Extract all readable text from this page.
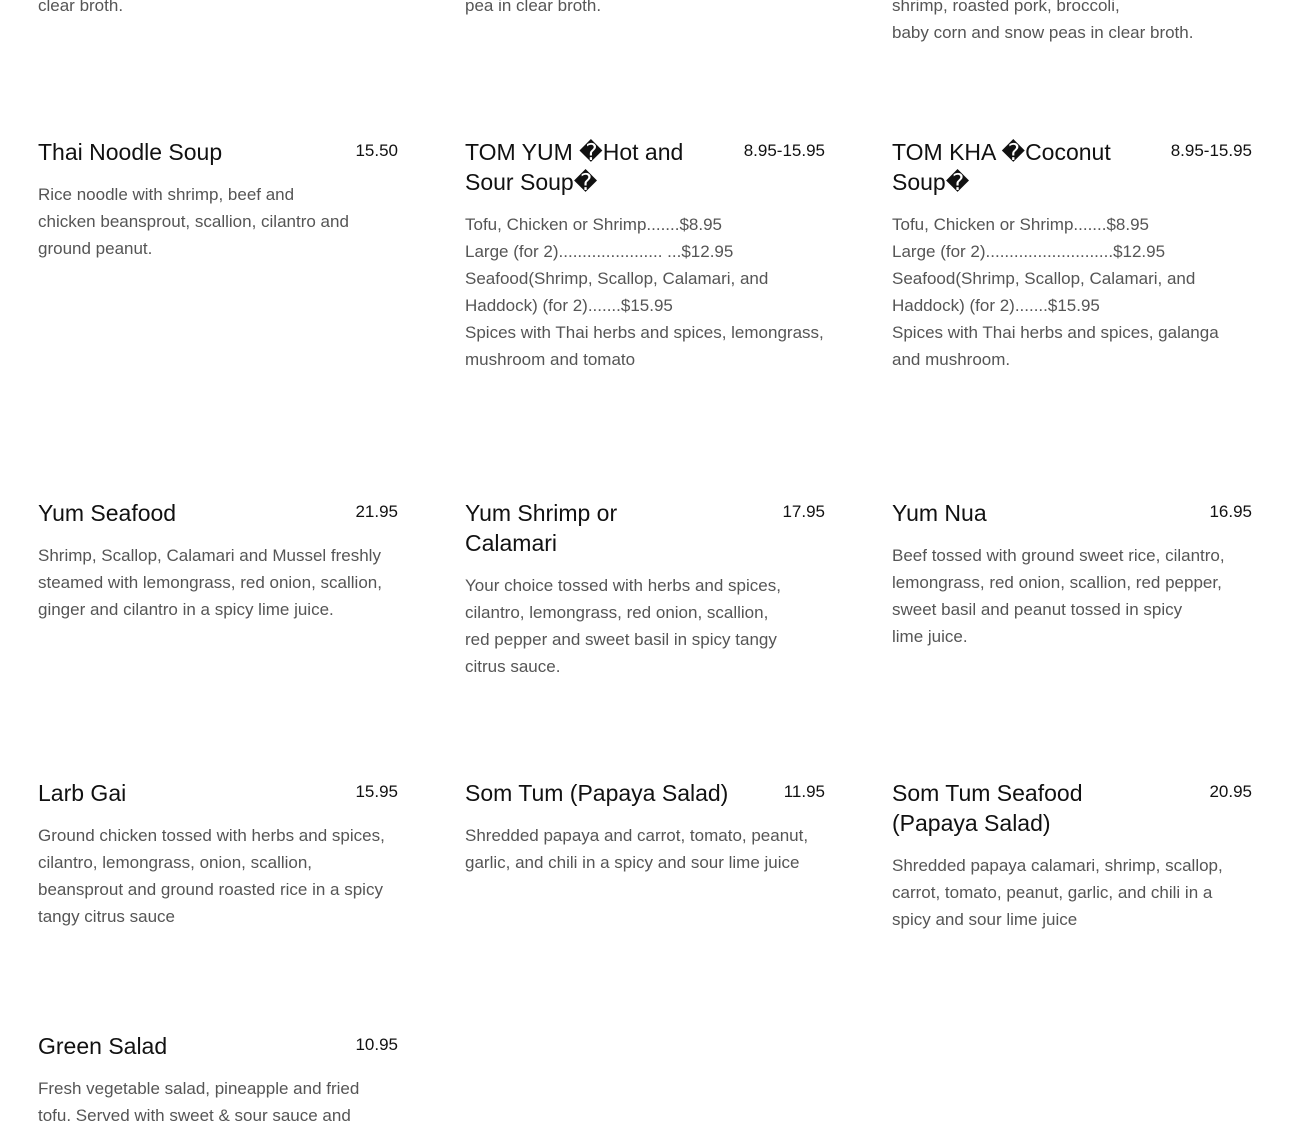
clear broth.	pea in clear broth.	shrimp, roasted pork, broccoli,
baby corn and snow peas in clear broth.
Thai Noodle Soup	15.50
Rice noodle with shrimp, beef and
chicken beansprout, scallion, cilantro and
ground peanut.
TOM YUM �Hot and Sour Soup�
8.95-15.95
Tofu, Chicken or Shrimp.......$8.95
Large (for 2)...................... ...$12.95
Seafood(Shrimp, Scallop, Calamari, and
Haddock) (for 2).......$15.95
Spices with Thai herbs and spices, lemongrass,
mushroom and tomato
TOM KHA �Coconut Soup�
8.95-15.95
Tofu, Chicken or Shrimp.......$8.95
Large (for 2)...........................$12.95
Seafood(Shrimp, Scallop, Calamari, and
Haddock) (for 2).......$15.95
Spices with Thai herbs and spices, galanga
and mushroom.
Yum Seafood	21.95
Shrimp, Scallop, Calamari and Mussel freshly
steamed with lemongrass, red onion, scallion,
ginger and cilantro in a spicy lime juice.
Yum Shrimp or Calamari
17.95
Your choice tossed with herbs and spices,
cilantro, lemongrass, red onion, scallion,
red pepper and sweet basil in spicy tangy
citrus sauce.
Yum Nua	16.95
Beef tossed with ground sweet rice, cilantro,
lemongrass, red onion, scallion, red pepper,
sweet basil and peanut tossed in spicy
lime juice.
Larb Gai	15.95
Ground chicken tossed with herbs and spices,
cilantro, lemongrass, onion, scallion,
beansprout and ground roasted rice in a spicy
tangy citrus sauce
Som Tum (Papaya Salad)	11.95
Shredded papaya and carrot, tomato, peanut,
garlic, and chili in a spicy and sour lime juice
Som Tum Seafood (Papaya Salad)
20.95
Shredded papaya calamari, shrimp, scallop,
carrot, tomato, peanut, garlic, and chili in a
spicy and sour lime juice
Green Salad	10.95
Fresh vegetable salad, pineapple and fried
tofu. Served with sweet & sour sauce and
